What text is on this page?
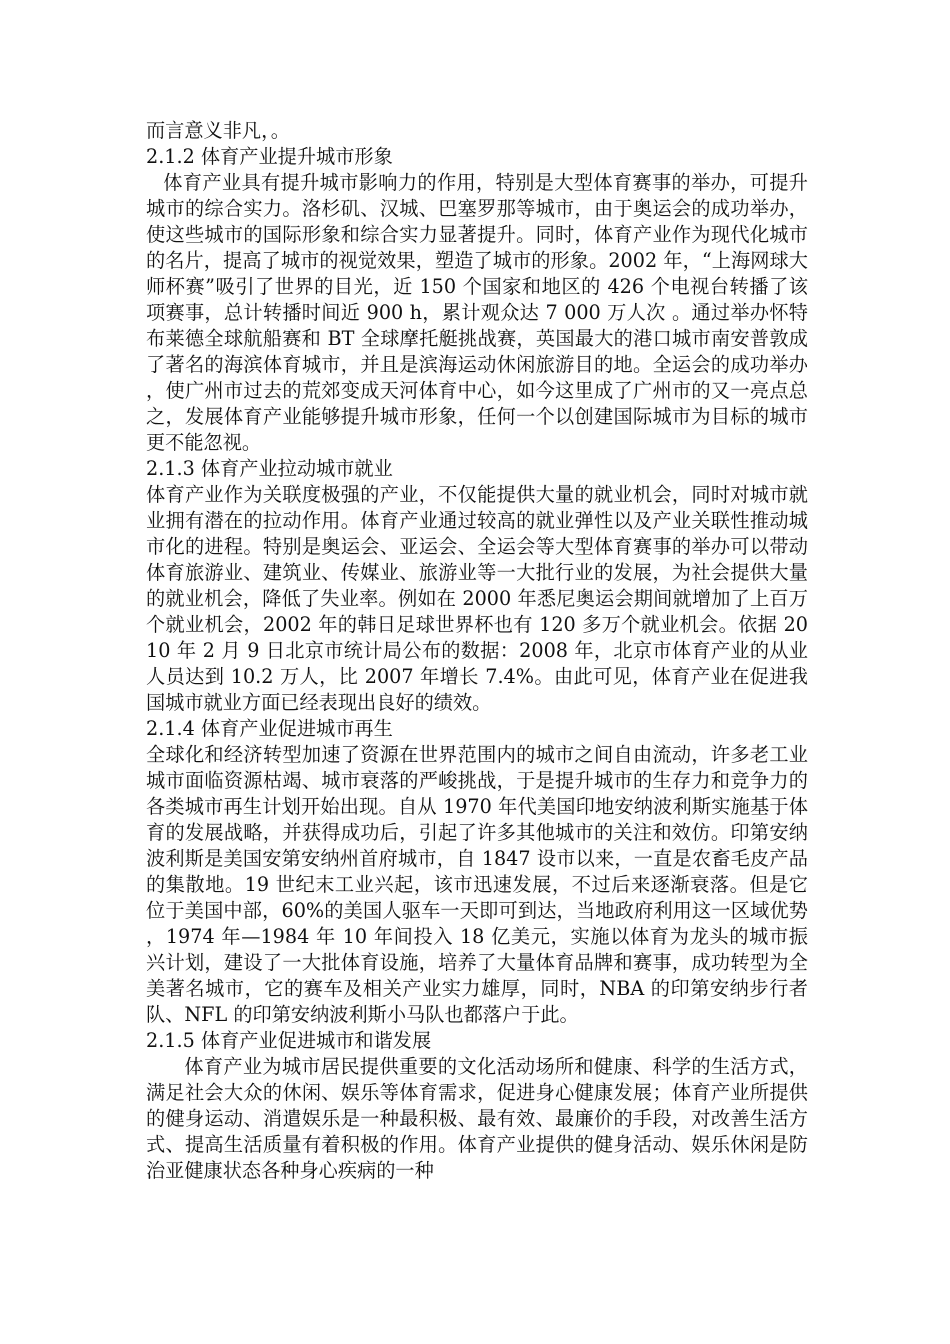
而言意义非凡，。

2.1.2 体育产业提升城市形象

体育产业具有提升城市影响力的作用，特别是大型体育赛事的举办，可提升城市的综合实力。洛杉矶、汉城、巴塞罗那等城市，由于奥运会的成功举办，使这些城市的国际形象和综合实力显著提升。同时，体育产业作为现代化城市的名片，提高了城市的视觉效果，塑造了城市的形象。2002 年，“上海网球大师杯赛”吸引了世界的目光，近 150 个国家和地区的 426 个电视台转播了该项赛事，总计转播时间近 900 h，累计观众达 7 000 万人次 。通过举办怀特布莱德全球航船赛和 BT 全球摩托艇挑战赛，英国最大的港口城市南安普敦成了著名的海滨体育城市，并且是滨海运动休闲旅游目的地。全运会的成功举办，使广州市过去的荒郊变成天河体育中心，如今这里成了广州市的又一亮点总之，发展体育产业能够提升城市形象，任何一个以创建国际城市为目标的城市更不能忽视。

2.1.3 体育产业拉动城市就业

体育产业作为关联度极强的产业，不仅能提供大量的就业机会，同时对城市就业拥有潜在的拉动作用。体育产业通过较高的就业弹性以及产业关联性推动城市化的进程。特别是奥运会、亚运会、全运会等大型体育赛事的举办可以带动体育旅游业、建筑业、传媒业、旅游业等一大批行业的发展，为社会提供大量的就业机会，降低了失业率。例如在 2000 年悉尼奥运会期间就增加了上百万个就业机会，2002 年的韩日足球世界杯也有 120 多万个就业机会。依据 2010 年 2 月 9 日北京市统计局公布的数据：2008 年，北京市体育产业的从业人员达到 10.2 万人，比 2007 年增长 7.4%。由此可见，体育产业在促进我国城市就业方面已经表现出良好的绩效。

2.1.4 体育产业促进城市再生

全球化和经济转型加速了资源在世界范围内的城市之间自由流动，许多老工业城市面临资源枯竭、城市衰落的严峻挑战，于是提升城市的生存力和竞争力的各类城市再生计划开始出现。自从 1970 年代美国印地安纳波利斯实施基于体育的发展战略，并获得成功后，引起了许多其他城市的关注和效仿。印第安纳波利斯是美国安第安纳州首府城市，自 1847 设市以来，一直是农畜毛皮产品的集散地。19 世纪末工业兴起，该市迅速发展，不过后来逐渐衰落。但是它位于美国中部，60%的美国人驱车一天即可到达，当地政府利用这一区域优势，1974 年—1984 年 10 年间投入 18 亿美元，实施以体育为龙头的城市振兴计划，建设了一大批体育设施，培养了大量体育品牌和赛事，成功转型为全美著名城市，它的赛车及相关产业实力雄厚，同时，NBA 的印第安纳步行者队、NFL 的印第安纳波利斯小马队也都落户于此。

2.1.5 体育产业促进城市和谐发展

体育产业为城市居民提供重要的文化活动场所和健康、科学的生活方式，满足社会大众的休闲、娱乐等体育需求，促进身心健康发展；体育产业所提供的健身运动、消遣娱乐是一种最积极、最有效、最廉价的手段，对改善生活方式、提高生活质量有着积极的作用。体育产业提供的健身活动、娱乐休闲是防治亚健康状态各种身心疾病的一种
